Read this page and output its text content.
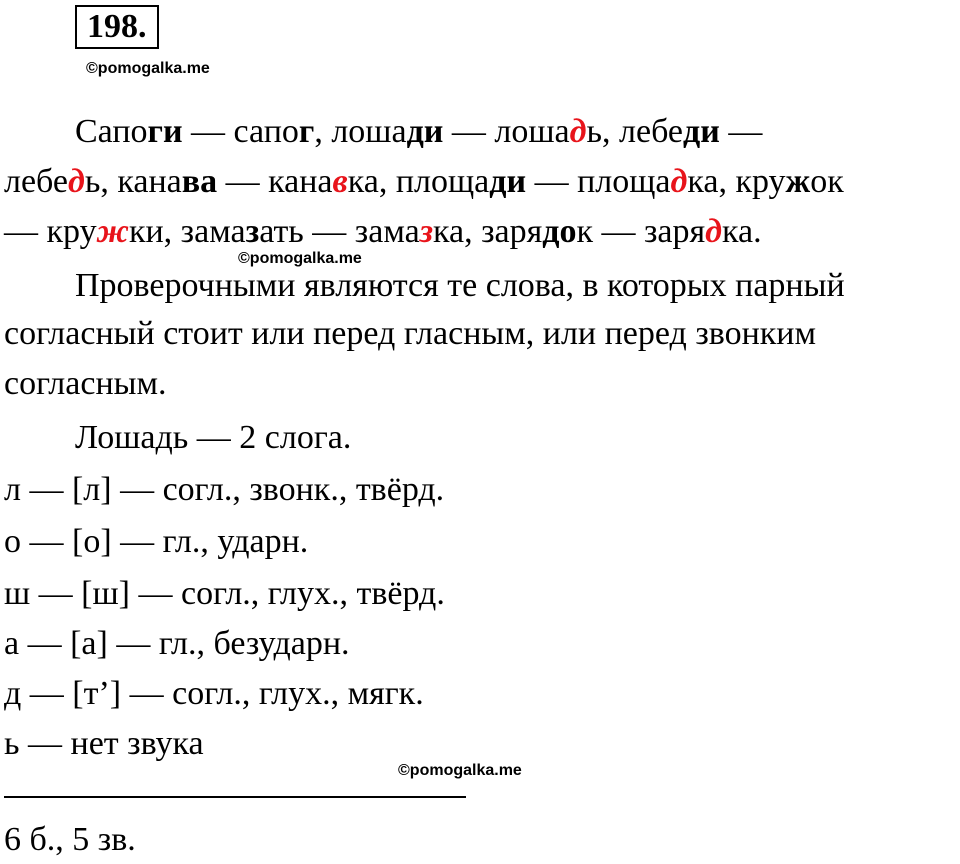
198.
©pomogalka.me
Сапоги — сапог, лошади — лошадь, лебеди —
лебедь, канава — канавка, площади — площадка, кружок
— кружки, замазать — замазка, зарядок — зарядка.
©pomogalka.me
Проверочными являются те слова, в которых парный
согласный стоит или перед гласным, или перед звонким
согласным.
Лошадь — 2 слога.
л — [л] — согл., звонк., твёрд.
о — [о] — гл., ударн.
ш — [ш] — согл., глух., твёрд.
а — [а] — гл., безударн.
д — [т’] — согл., глух., мягк.
ь — нет звука
©pomogalka.me
6 б., 5 зв.
